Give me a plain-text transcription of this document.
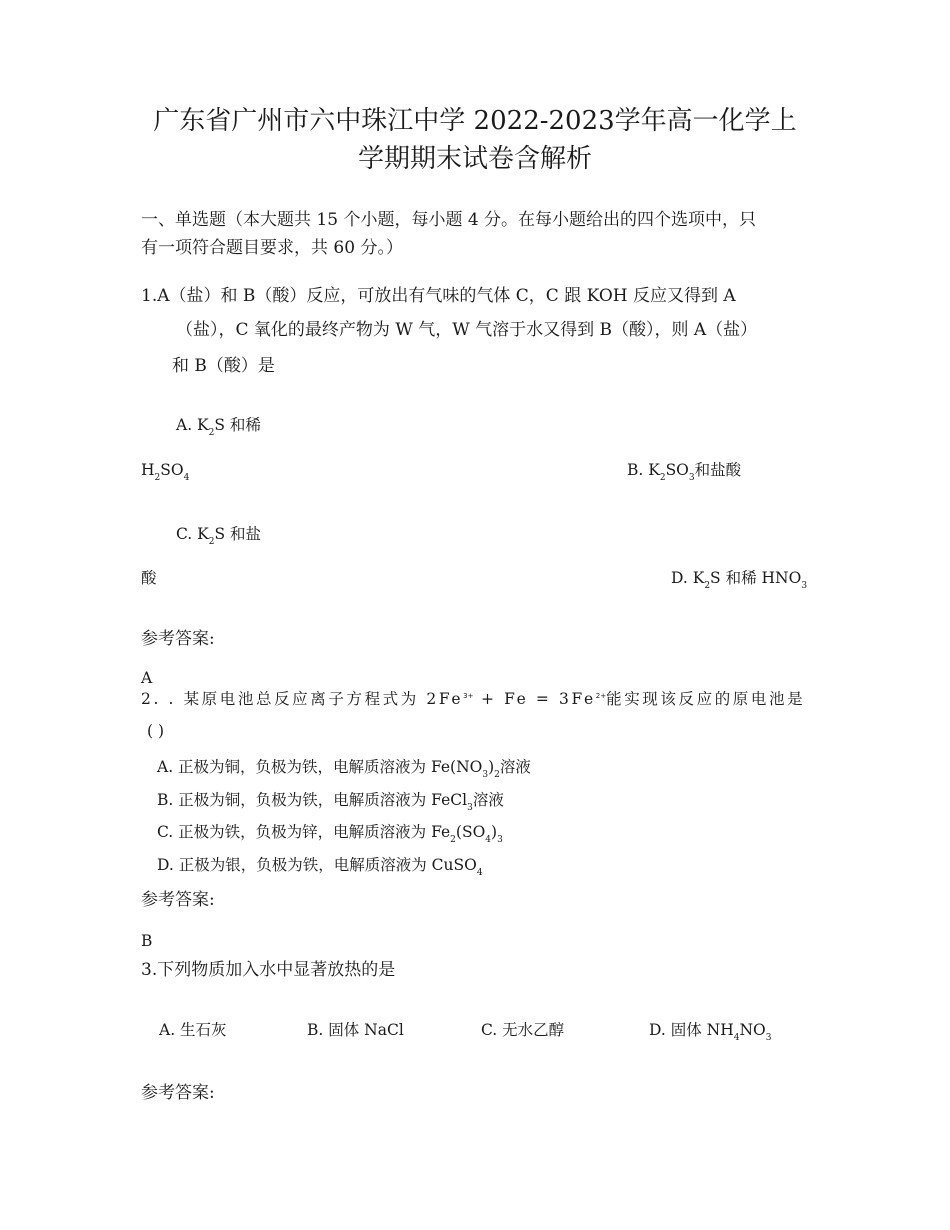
广东省广州市六中珠江中学 2022-2023学年高一化学上
学期期末试卷含解析
一、单选题（本大题共 15 个小题，每小题 4 分。在每小题给出的四个选项中，只
有一项符合题目要求，共 60 分。）
1.A（盐）和 B（酸）反应，可放出有气味的气体 C，C 跟 KOH 反应又得到 A
（盐），C 氧化的最终产物为 W 气，W 气溶于水又得到 B（酸），则 A（盐）
和 B（酸）是
A. $K_2S$ 和稀
$H_2SO_4$	B. $K_2SO_3$和盐酸
C. $K_2S$ 和盐
酸	D. $K_2S$ 和稀 $HNO_3$
参考答案:
A
2. . 某原电池总反应离子方程式为 $2Fe^{3+} + Fe = 3Fe^{2+}$能实现该反应的原电池是
( )
A. 正极为铜，负极为铁，电解质溶液为 $Fe(NO_3)_2$溶液
B. 正极为铜，负极为铁，电解质溶液为 FeCl$_3$溶液
C. 正极为铁，负极为锌，电解质溶液为 $Fe_2(SO_4)_3$
D. 正极为银，负极为铁，电解质溶液为 CuSO$_4$
参考答案:
B
3.下列物质加入水中显著放热的是
A. 生石灰	B. 固体 NaCl	C. 无水乙醇	D. 固体 $NH_4NO_3$
参考答案:
